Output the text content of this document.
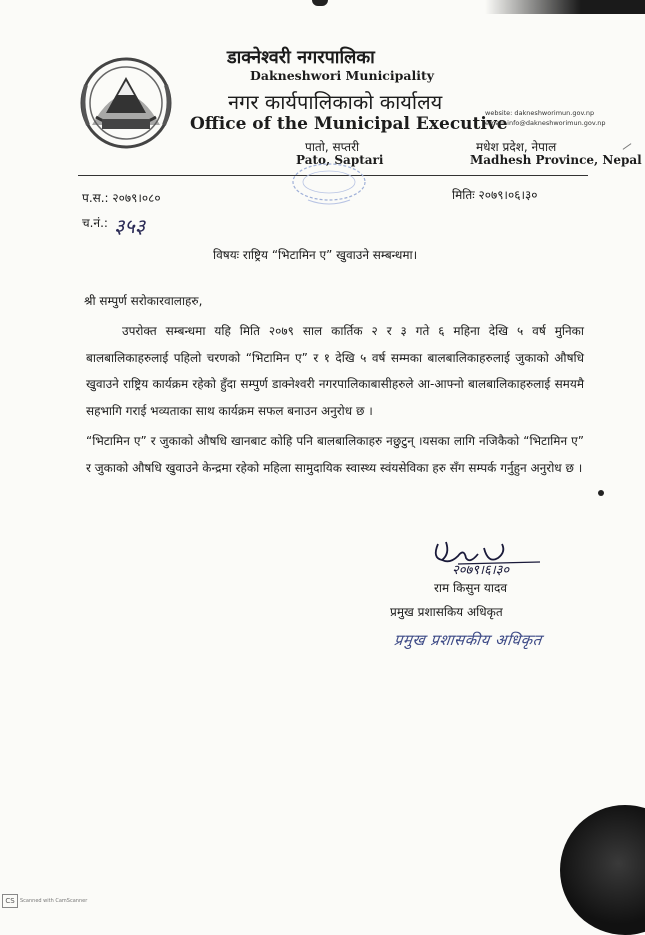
डाक्नेश्वरी नगरपालिका
Dakneshwori Municipality
नगर कार्यपालिकाको कार्यालय
Office of the Municipal Executive
पातो, सप्तरी
Pato, Saptari
website: dakneshworimun.gov.np
email: info@dakneshworimun.gov.np
मधेश प्रदेश, नेपाल
Madhesh Province, Nepal
प.स.: २०७९।०८०
च.नं.: ३५३
मितिः २०७९।०६।३०
विषयः राष्ट्रिय “भिटामिन ए” खुवाउने सम्बन्धमा।
श्री सम्पुर्ण सरोकारवालाहरु,
उपरोक्त सम्बन्धमा यहि मिति २०७९ साल कार्तिक २ र ३ गते ६ महिना देखि ५ वर्ष मुनिका बालबालिकाहरुलाई पहिलो चरणको “भिटामिन ए” र १ देखि ५ वर्ष सम्मका बालबालिकाहरुलाई जुकाको औषधि खुवाउने राष्ट्रिय कार्यक्रम रहेको हुँदा सम्पुर्ण डाक्नेश्वरी नगरपालिकाबासीहरुले आ-आफ्नो बालबालिकाहरुलाई समयमै सहभागि गराई भव्यताका साथ कार्यक्रम सफल बनाउन अनुरोध छ ।
“भिटामिन ए” र जुकाको औषधि खानबाट कोहि पनि बालबालिकाहरु नछुटुन् ।यसका लागि नजिकैको “भिटामिन ए” र जुकाको औषधि खुवाउने केन्द्रमा रहेको महिला सामुदायिक स्वास्थ्य स्वंयसेविका हरु सँग सम्पर्क गर्नुहुन अनुरोध छ ।
२०७९।६।३०
राम किसुन यादव
प्रमुख प्रशासकिय अधिकृत
प्रमुख प्रशासकीय अधिकृत
CS	Scanned with CamScanner
